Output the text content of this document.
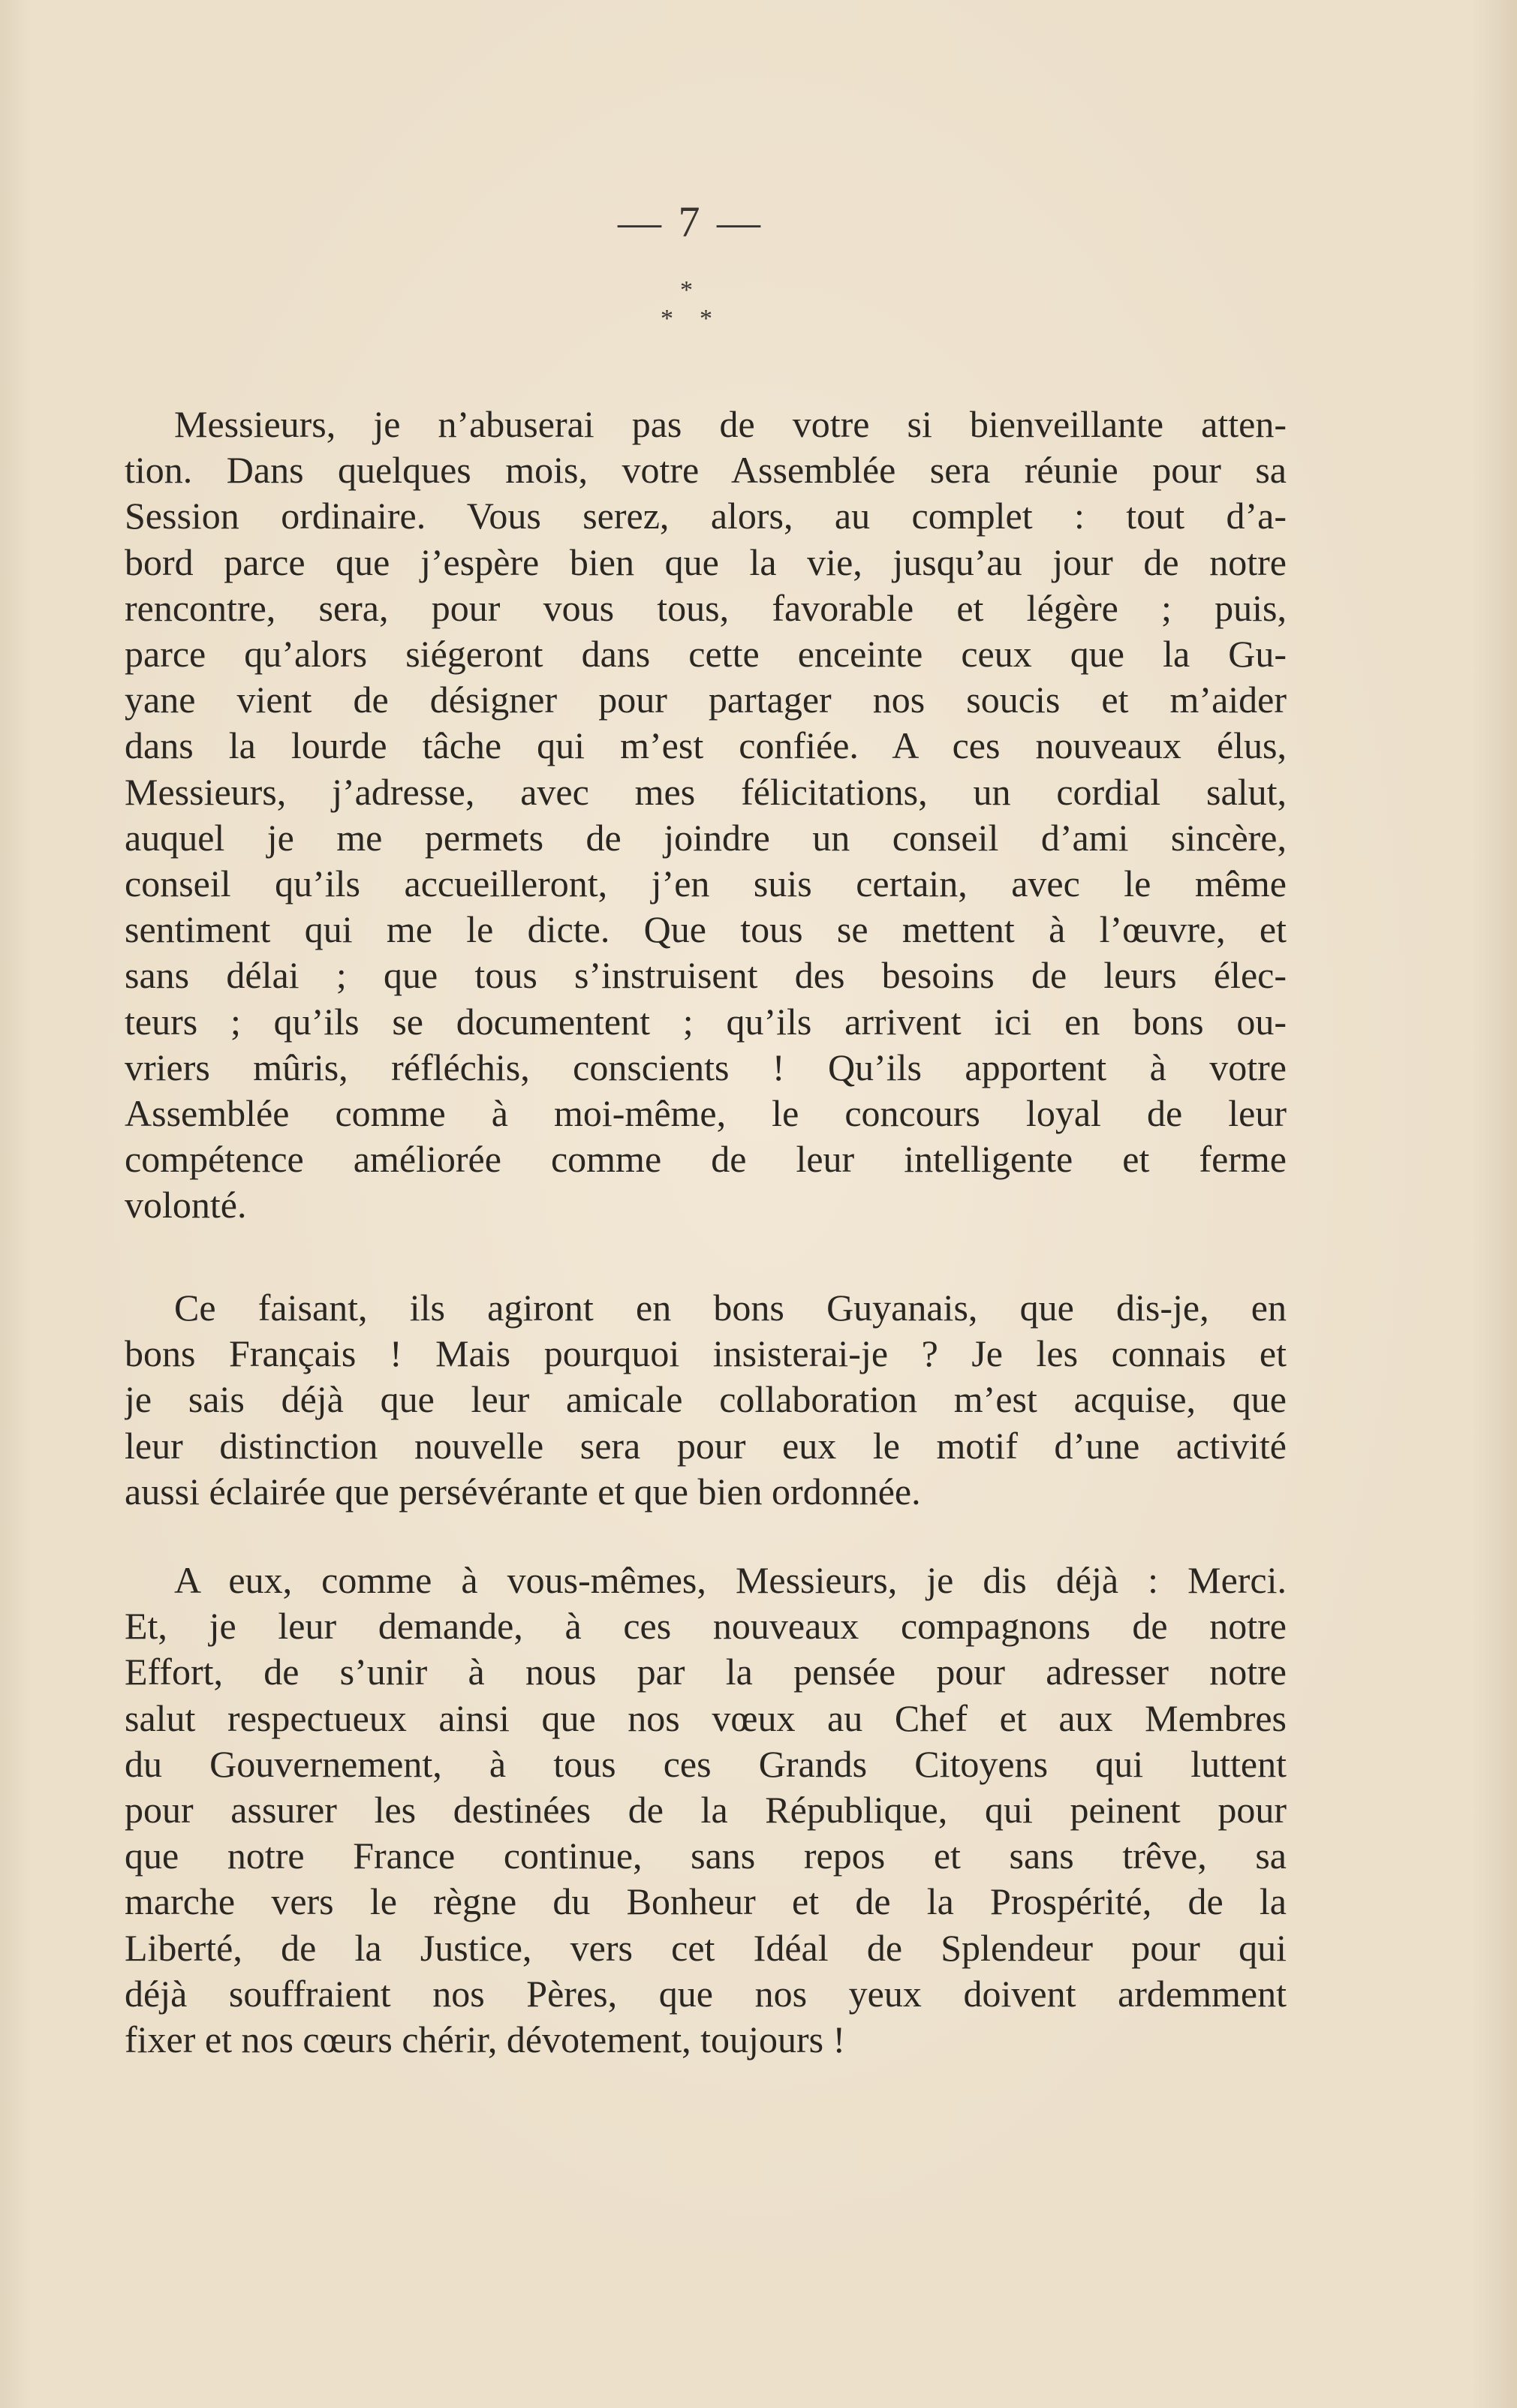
— 7 —
*
* *
Messieurs, je n’abuserai pas de votre si bienveillante atten-
tion. Dans quelques mois, votre Assemblée sera réunie pour sa
Session ordinaire. Vous serez, alors, au complet : tout d’a-
bord parce que j’espère bien que la vie, jusqu’au jour de notre
rencontre, sera, pour vous tous, favorable et légère ; puis,
parce qu’alors siégeront dans cette enceinte ceux que la Gu-
yane vient de désigner pour partager nos soucis et m’aider
dans la lourde tâche qui m’est confiée. A ces nouveaux élus,
Messieurs, j’adresse, avec mes félicitations, un cordial salut,
auquel je me permets de joindre un conseil d’ami sincère,
conseil qu’ils accueilleront, j’en suis certain, avec le même
sentiment qui me le dicte. Que tous se mettent à l’œuvre, et
sans délai ; que tous s’instruisent des besoins de leurs élec-
teurs ; qu’ils se documentent ; qu’ils arrivent ici en bons ou-
vriers mûris, réfléchis, conscients ! Qu’ils apportent à votre
Assemblée comme à moi-même, le concours loyal de leur
compétence améliorée comme de leur intelligente et ferme
volonté.
Ce faisant, ils agiront en bons Guyanais, que dis-je, en
bons Français ! Mais pourquoi insisterai-je ? Je les connais et
je sais déjà que leur amicale collaboration m’est acquise, que
leur distinction nouvelle sera pour eux le motif d’une activité
aussi éclairée que persévérante et que bien ordonnée.
A eux, comme à vous-mêmes, Messieurs, je dis déjà : Merci.
Et, je leur demande, à ces nouveaux compagnons de notre
Effort, de s’unir à nous par la pensée pour adresser notre
salut respectueux ainsi que nos vœux au Chef et aux Membres
du Gouvernement, à tous ces Grands Citoyens qui luttent
pour assurer les destinées de la République, qui peinent pour
que notre France continue, sans repos et sans trêve, sa
marche vers le règne du Bonheur et de la Prospérité, de la
Liberté, de la Justice, vers cet Idéal de Splendeur pour qui
déjà souffraient nos Pères, que nos yeux doivent ardemment
fixer et nos cœurs chérir, dévotement, toujours !
